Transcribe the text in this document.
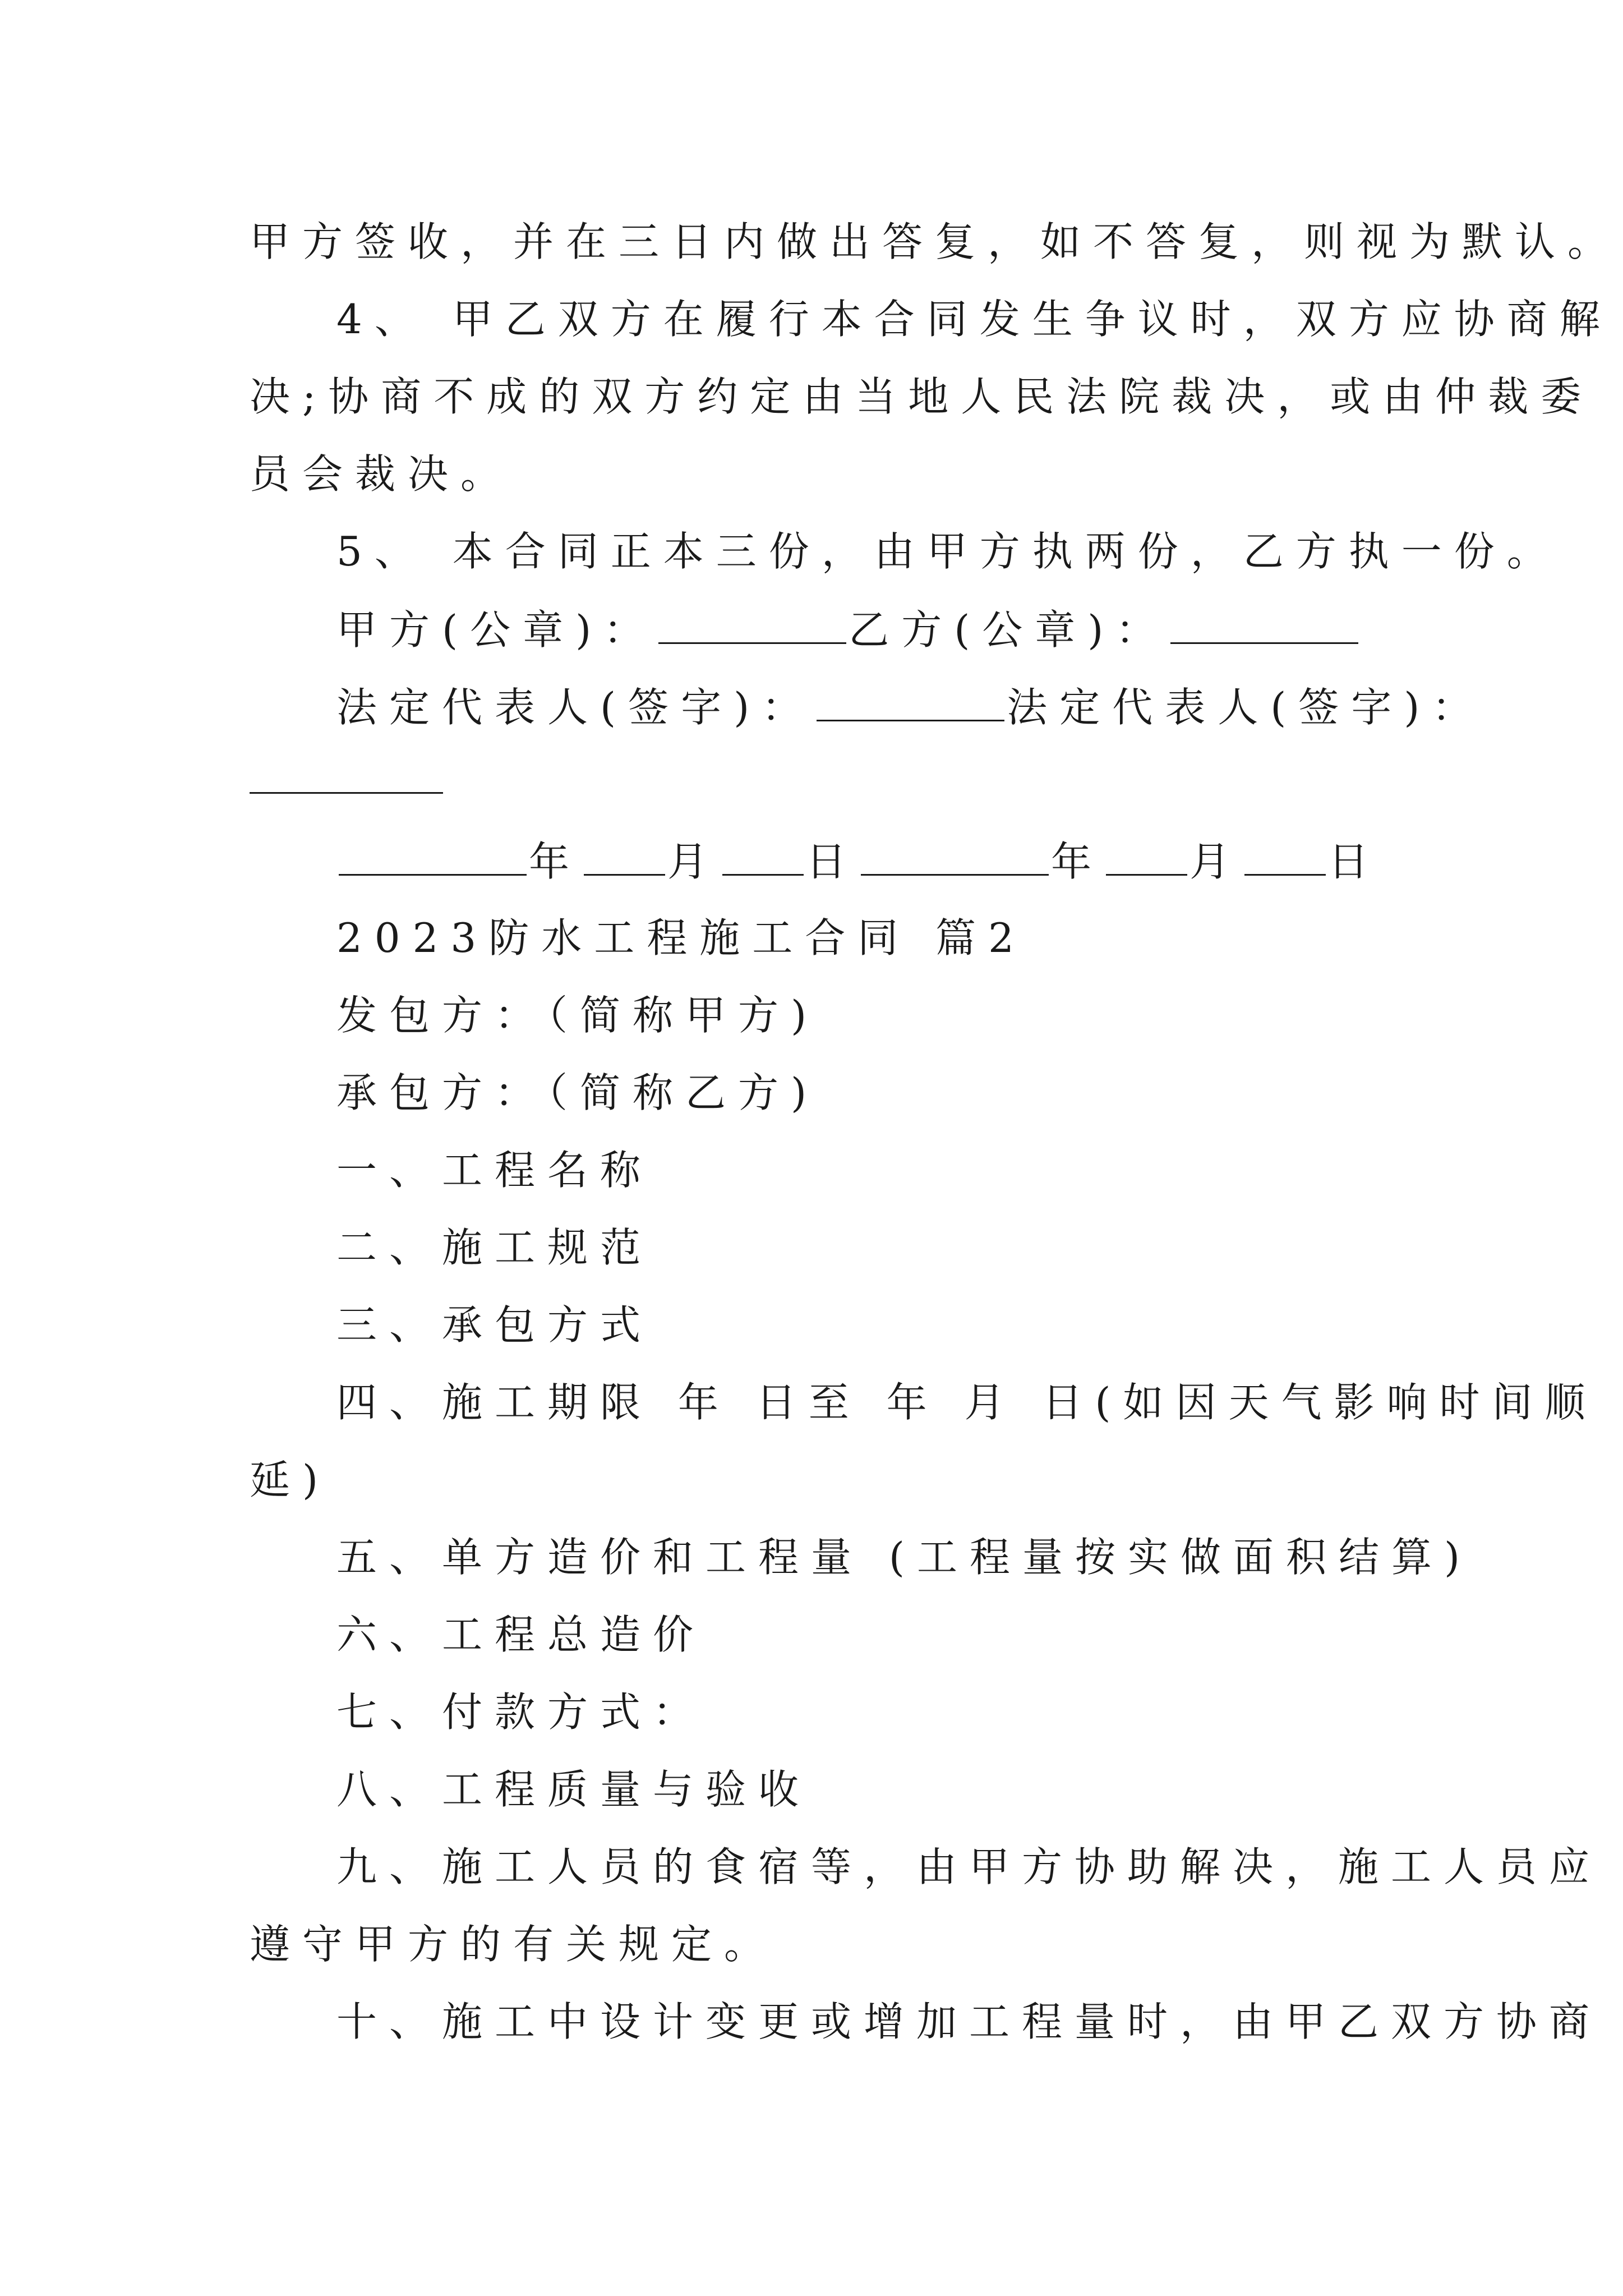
甲方签收，并在三日内做出答复，如不答复，则视为默认。
4、 甲乙双方在履行本合同发生争议时，双方应协商解
决;协商不成的双方约定由当地人民法院裁决，或由仲裁委
员会裁决。
5、 本合同正本三份，由甲方执两份，乙方执一份。
甲方(公章)：	乙方(公章)：
法定代表人(签字)：	法定代表人(签字)：
年 月 日	年 月 日
2023防水工程施工合同 篇2
发包方：（简称甲方)
承包方：（简称乙方)
一、工程名称
二、施工规范
三、承包方式
四、施工期限 年 日至 年 月 日(如因天气影响时间顺
延)
五、单方造价和工程量 (工程量按实做面积结算)
六、工程总造价
七、付款方式：
八、工程质量与验收
九、施工人员的食宿等，由甲方协助解决，施工人员应
遵守甲方的有关规定。
十、施工中设计变更或增加工程量时，由甲乙双方协商
